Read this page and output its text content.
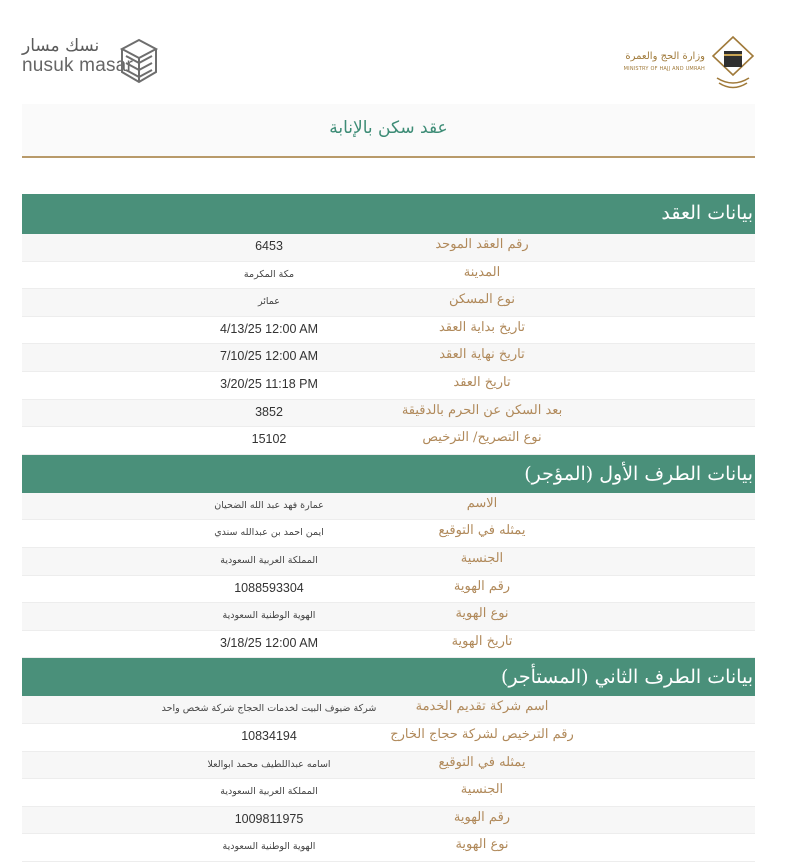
نسك مسار
nusuk masar	وزارة الحج والعمرة
MINISTRY OF HAJJ AND UMRAH
عقد سكن بالإنابة
بيانات العقد
رقم العقد الموحد
6453
المدينة
مكة المكرمة
نوع المسكن
عمائر
تاريخ بداية العقد
4/13/25 12:00 AM
تاريخ نهاية العقد
7/10/25 12:00 AM
تاريخ العقد
3/20/25 11:18 PM
بعد السكن عن الحرم بالدقيقة
3852
نوع التصريح/ الترخيص
15102
بيانات الطرف الأول (المؤجر)
الاسم
عمارة فهد عبد الله الضحيان
يمثله في التوقيع
ايمن احمد بن عبدالله سندي
الجنسية
المملكة العربية السعودية
رقم الهوية
1088593304
نوع الهوية
الهوية الوطنية السعودية
تاريخ الهوية
3/18/25 12:00 AM
بيانات الطرف الثاني (المستأجر)
اسم شركة تقديم الخدمة
شركة ضيوف البيت لخدمات الحجاج شركة شخص واحد
رقم الترخيص لشركة حجاج الخارج
10834194
يمثله في التوقيع
اسامه عبداللطيف محمد ابوالعلا
الجنسية
المملكة العربية السعودية
رقم الهوية
1009811975
نوع الهوية
الهوية الوطنية السعودية
